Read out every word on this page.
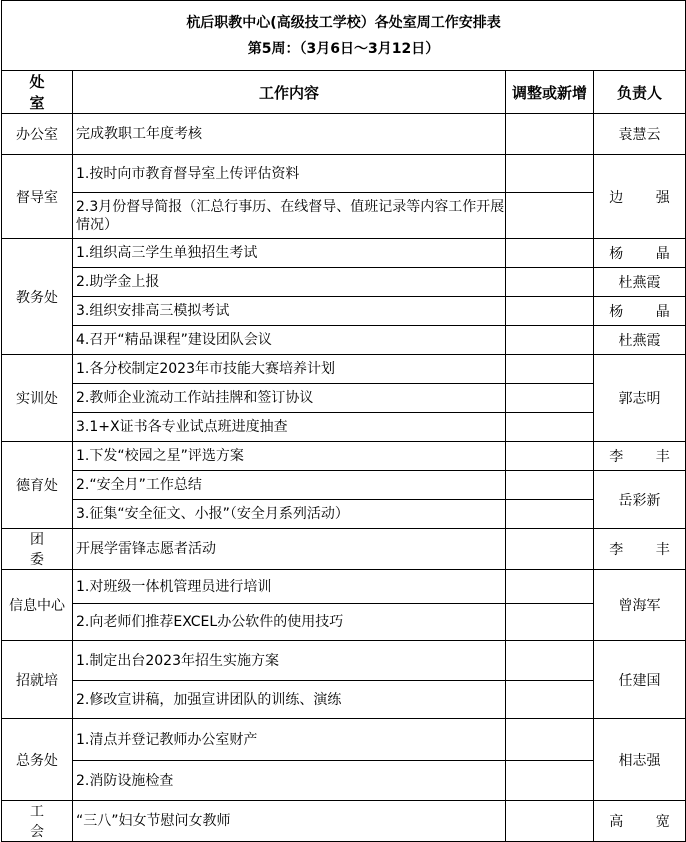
杭后职教中心(高级技工学校）各处室周工作安排表
第5周：（3月6日～3月12日）			

处 室	工作内容	调整或新增	负责人
办公室	完成教职工年度考核		袁慧云
督导室	1.按时向市教育督导室上传评估资料		边 强
	2.3月份督导简报（汇总行事历、在线督导、值班记录等内容工作开展情况）		
教务处	1.组织高三学生单独招生考试		杨 晶
	2.助学金上报		杜燕霞
	3.组织安排高三模拟考试		杨 晶
	4.召开“精品课程”建设团队会议		杜燕霞
实训处	1.各分校制定2023年市技能大赛培养计划		郭志明
	2.教师企业流动工作站挂牌和签订协议		
	3.1+X证书各专业试点班进度抽查		
德育处	1.下发“校园之星”评选方案		李 丰
	2.“安全月”工作总结		岳彩新
	3.征集“安全征文、小报”（安全月系列活动）		
团 委	开展学雷锋志愿者活动		李 丰
信息中心	1.对班级一体机管理员进行培训		曾海军
	2.向老师们推荐EXCEL办公软件的使用技巧		
招就培	1.制定出台2023年招生实施方案		任建国
	2.修改宣讲稿，加强宣讲团队的训练、演练		
总务处	1.清点并登记教师办公室财产		相志强
	2.消防设施检查		
工 会	“三八”妇女节慰问女教师		高 宽
